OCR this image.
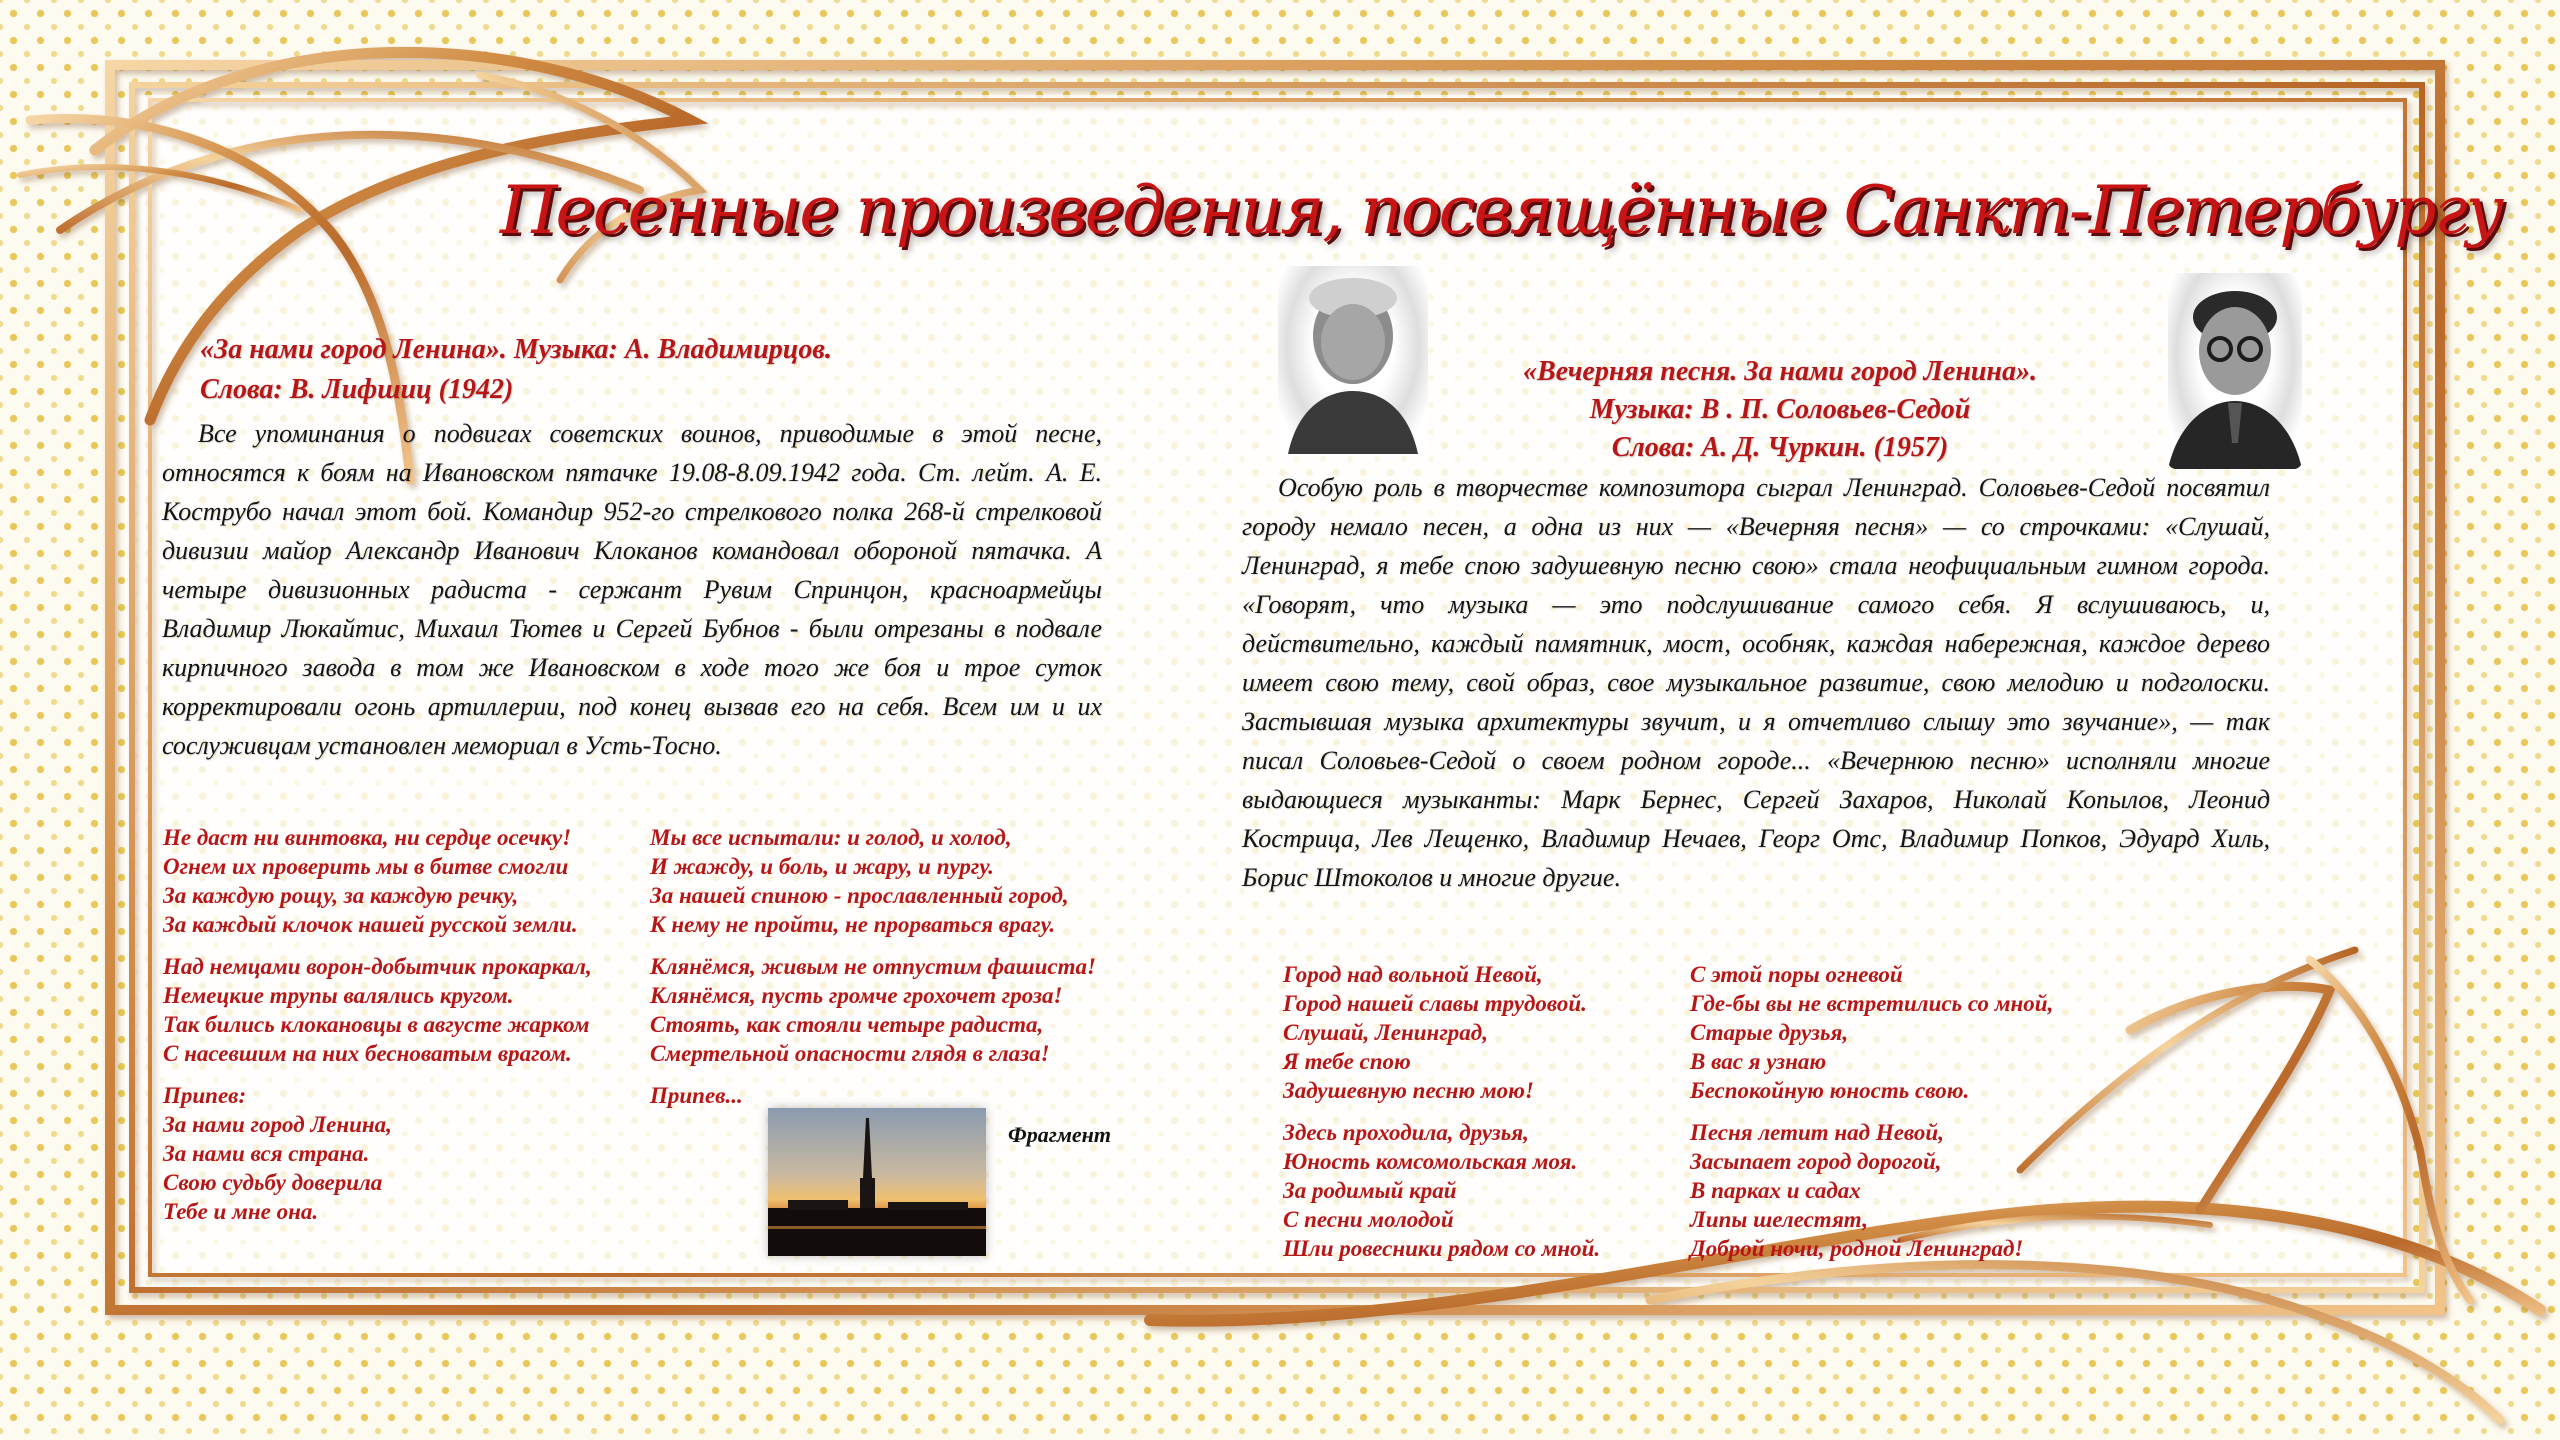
Песенные произведения, посвящённые Санкт-Петербургу
«За нами город Ленина». Музыка: А. Владимирцов.
Слова: В. Лифшиц (1942)

Все упоминания о подвигах советских воинов, приводимые в этой песне, относятся к боям на Ивановском пятачке 19.08-8.09.1942 года. Ст. лейт. А. Е. Кострубо начал этот бой. Командир 952-го стрелкового полка 268-й стрелковой дивизии майор Александр Иванович Клоканов командовал обороной пятачка. А четыре дивизионных радиста - сержант Рувим Спринцон, красноармейцы Владимир Люкайтис, Михаил Тютев и Сергей Бубнов - были отрезаны в подвале кирпичного завода в том же Ивановском в ходе того же боя и трое суток корректировали огонь артиллерии, под конец вызвав его на себя. Всем им и их сослуживцам установлен мемориал в Усть-Тосно.

Не даст ни винтовка, ни сердце осечку!
Огнем их проверить мы в битве смогли
За каждую рощу, за каждую речку,
За каждый клочок нашей русской земли.
Над немцами ворон-добытчик прокаркал,
Немецкие трупы валялись кругом.
Так бились клокановцы в августе жарком
С насевшим на них бесноватым врагом.
Припев:
За нами город Ленина,
За нами вся страна.
Свою судьбу доверила
Тебе и мне она.
Мы все испытали: и голод, и холод,
И жажду, и боль, и жару, и пургу.
За нашей спиною - прославленный город,
К нему не пройти, не прорваться врагу.
Клянёмся, живым не отпустим фашиста!
Клянёмся, пусть громче грохочет гроза!
Стоять, как стояли четыре радиста,
Смертельной опасности глядя в глаза!
Припев...
Фрагмент
«Вечерняя песня. За нами город Ленина».
Музыка: В . П. Соловьев-Седой
Слова: А. Д. Чуркин. (1957)

Особую роль в творчестве композитора сыграл Ленинград. Соловьев-Седой посвятил городу немало песен, а одна из них — «Вечерняя песня» — со строчками: «Слушай, Ленинград, я тебе спою задушевную песню свою» стала неофициальным гимном города. «Говорят, что музыка — это подслушивание самого себя. Я вслушиваюсь, и, действительно, каждый памятник, мост, особняк, каждая набережная, каждое дерево имеет свою тему, свой образ, свое музыкальное развитие, свою мелодию и подголоски. Застывшая музыка архитектуры звучит, и я отчетливо слышу это звучание», — так писал Соловьев-Седой о своем родном городе... «Вечернюю песню» исполняли многие выдающиеся музыканты: Марк Бернес, Сергей Захаров, Николай Копылов, Леонид Кострица, Лев Лещенко, Владимир Нечаев, Георг Отс, Владимир Попков, Эдуард Хиль, Борис Штоколов и многие другие.

Город над вольной Невой,
Город нашей славы трудовой.
Слушай, Ленинград,
Я тебе спою
Задушевную песню мою!
Здесь проходила, друзья,
Юность комсомольская моя.
За родимый край
С песни молодой
Шли ровесники рядом со мной.
С этой поры огневой
Где-бы вы не встретились со мной,
Старые друзья,
В вас я узнаю
Беспокойную юность свою.
Песня летит над Невой,
Засыпает город дорогой,
В парках и садах
Липы шелестят,
Доброй ночи, родной Ленинград!
